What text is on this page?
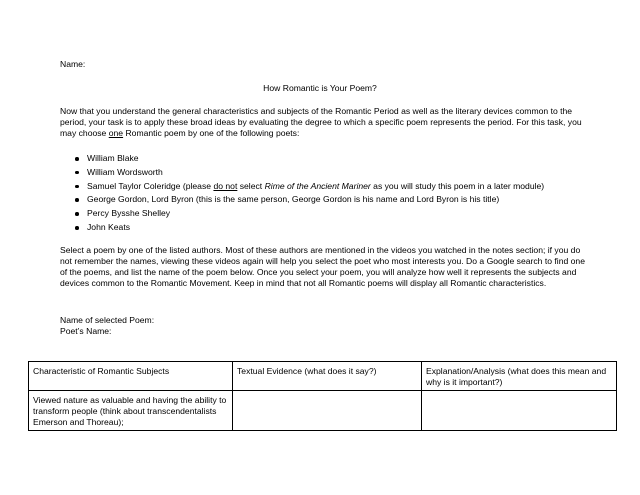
Name:
How Romantic is Your Poem?
Now that you understand the general characteristics and subjects of the Romantic Period as well as the literary devices common to the period, your task is to apply these broad ideas by evaluating the degree to which a specific poem represents the period. For this task, you may choose one Romantic poem by one of the following poets:
William Blake
William Wordsworth
Samuel Taylor Coleridge (please do not select Rime of the Ancient Mariner as you will study this poem in a later module)
George Gordon, Lord Byron (this is the same person, George Gordon is his name and Lord Byron is his title)
Percy Bysshe Shelley
John Keats
Select a poem by one of the listed authors. Most of these authors are mentioned in the videos you watched in the notes section; if you do not remember the names, viewing these videos again will help you select the poet who most interests you. Do a Google search to find one of the poems, and list the name of the poem below. Once you select your poem, you will analyze how well it represents the subjects and devices common to the Romantic Movement. Keep in mind that not all Romantic poems will display all Romantic characteristics.
Name of selected Poem:
Poet’s Name:
Characteristic of Romantic Subjects	Textual Evidence (what does it say?)	Explanation/Analysis (what does this mean and why is it important?)
Viewed nature as valuable and having the ability to transform people (think about transcendentalists Emerson and Thoreau);		
